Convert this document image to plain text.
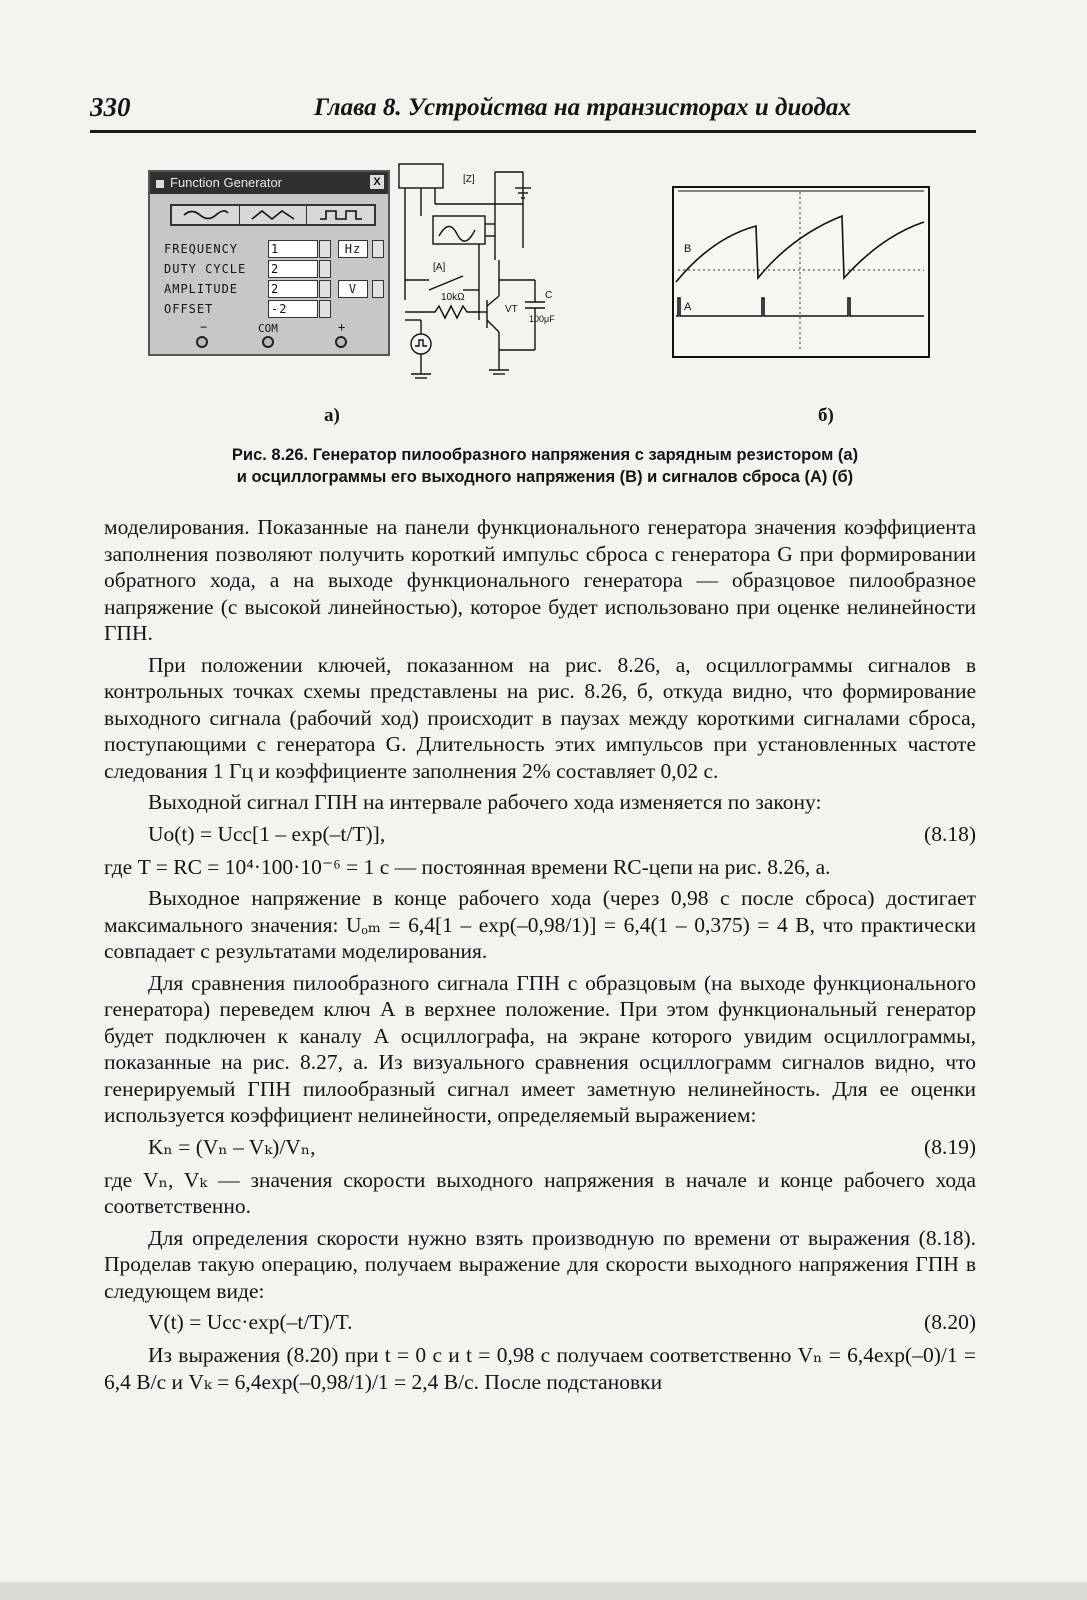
330	Глава 8. Устройства на транзисторах и диодах
Function Generator	X
FREQUENCY	1	Hz
DUTY CYCLE 2
AMPLITUDE	2	V
OFFSET	-2
−	COM	+
[Z]
[A]
10kΩ
VT
C
100μF
B
A
а)	б)
Рис. 8.26. Генератор пилообразного напряжения с зарядным резистором (а)
и осциллограммы его выходного напряжения (B) и сигналов сброса (A) (б)

моделирования. Показанные на панели функционального генератора значения коэффициента заполнения позволяют получить короткий импульс сброса с генератора G при формировании обратного хода, а на выходе функционального генератора — образцовое пилообразное напряжение (с высокой линейностью), которое будет использовано при оценке нелинейности ГПН.

При положении ключей, показанном на рис. 8.26, а, осциллограммы сигналов в контрольных точках схемы представлены на рис. 8.26, б, откуда видно, что формирование выходного сигнала (рабочий ход) происходит в паузах между короткими сигналами сброса, поступающими с генератора G. Длительность этих импульсов при установленных частоте следования 1 Гц и коэффициенте заполнения 2% составляет 0,02 с.

Выходной сигнал ГПН на интервале рабочего хода изменяется по закону:

Uo(t) = Ucc[1 – exp(–t/T)],	(8.18)

где T = RC = 10⁴·100·10⁻⁶ = 1 с — постоянная времени RC-цепи на рис. 8.26, а.

Выходное напряжение в конце рабочего хода (через 0,98 с после сброса) достигает максимального значения: Uₒₘ = 6,4[1 – exp(–0,98/1)] = 6,4(1 – 0,375) = 4 В, что практически совпадает с результатами моделирования.

Для сравнения пилообразного сигнала ГПН с образцовым (на выходе функционального генератора) переведем ключ А в верхнее положение. При этом функциональный генератор будет подключен к каналу А осциллографа, на экране которого увидим осциллограммы, показанные на рис. 8.27, а. Из визуального сравнения осциллограмм сигналов видно, что генерируемый ГПН пилообразный сигнал имеет заметную нелинейность. Для ее оценки используется коэффициент нелинейности, определяемый выражением:

Kₙ = (Vₙ – Vₖ)/Vₙ,	(8.19)

где Vₙ, Vₖ — значения скорости выходного напряжения в начале и конце рабочего хода соответственно.

Для определения скорости нужно взять производную по времени от выражения (8.18). Проделав такую операцию, получаем выражение для скорости выходного напряжения ГПН в следующем виде:

V(t) = Ucc·exp(–t/T)/T.	(8.20)

Из выражения (8.20) при t = 0 с и t = 0,98 с получаем соответственно Vₙ = 6,4exp(–0)/1 = 6,4 В/с и Vₖ = 6,4exp(–0,98/1)/1 = 2,4 В/с. После подстановки
